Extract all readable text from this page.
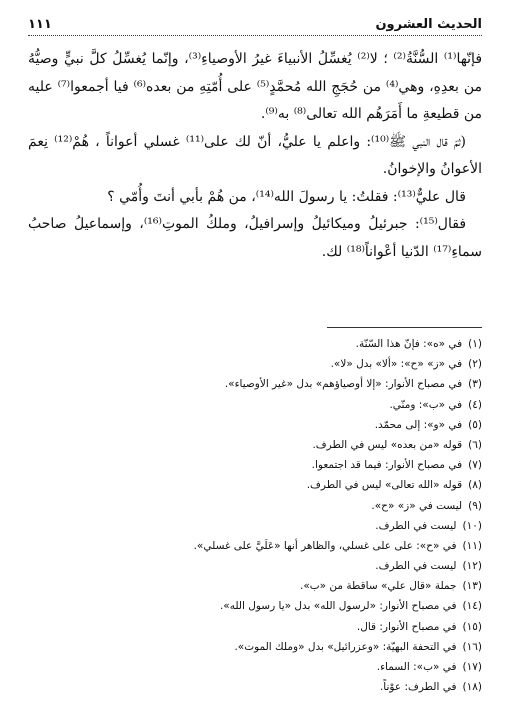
الحديث العشرون
١١١

فإنّها⁽¹⁾ السُّنَّةُ⁽²⁾ ؛ لا⁽²⁾ يُغسِّلُ الأنبياءَ غيرُ الأوصياءِ⁽³⁾، وإنّما يُغسِّلُ كلَّ نبيٍّ وصيُّهُ من بعدِهِ، وهي⁽⁴⁾ من حُجَجِ الله مُحمَّدٍ⁽⁵⁾ على أُمّتِهِ من بعده⁽⁶⁾ فيا أجمعوا⁽⁷⁾ عليه من قطيعةِ ما أَمَرَهُم الله تعالى⁽⁸⁾ به⁽⁹⁾.

(ثمّ قال النبي ﷺ⁽¹⁰⁾: واعلم يا عليُّ، أنّ لك على⁽¹¹⁾ غسلي أعواناً ، هُمْ⁽¹²⁾ نِعمَ الأعوانُ والإخوانُ.

قال عليٌّ⁽¹³⁾: فقلتُ: يا رسولَ الله⁽¹⁴⁾، من هُمْ بأبي أنتَ وأُمّي ؟

فقال⁽¹⁵⁾: جبرئيلُ وميكائيلُ وإسرافيلُ، وملكُ الموتِ⁽¹⁶⁾، وإسماعيلُ صاحبُ سماءِ⁽¹⁷⁾ الدّنيا أعْواناً⁽¹⁸⁾ لك.

(١)في «ه»: فإنّ هذا السّنّة.
(٢)في «ز» «ح»: «ألا» بدل «لا».
(٣)في مصباح الأنوار: «إلا أوصياؤهم» بدل «غير الأوصياء».
(٤)في «ب»: ومنّي.
(٥)في «و»: إلى محمّد.
(٦)قوله «من بعده» ليس في الطرف.
(٧)في مصباح الأنوار: فيما قد اجتمعوا.
(٨)قوله «الله تعالى» ليس في الطرف.
(٩)ليست في «ز» «ح».
(١٠)ليست في الطرف.
(١١)في «ح»: على على غسلي، والظاهر أنها «عَلَيَّ على غسلي».
(١٢)ليست في الطرف.
(١٣)جملة «قال علي» ساقطة من «ب».
(١٤)في مصباح الأنوار: «لرسول الله» بدل «يا رسول الله».
(١٥)في مصباح الأنوار: قال.
(١٦)في التحفة البهيّة: «وعزرائيل» بدل «وملك الموت».
(١٧)في «ب»: السماء.
(١٨)في الطرف: عوْناً.
